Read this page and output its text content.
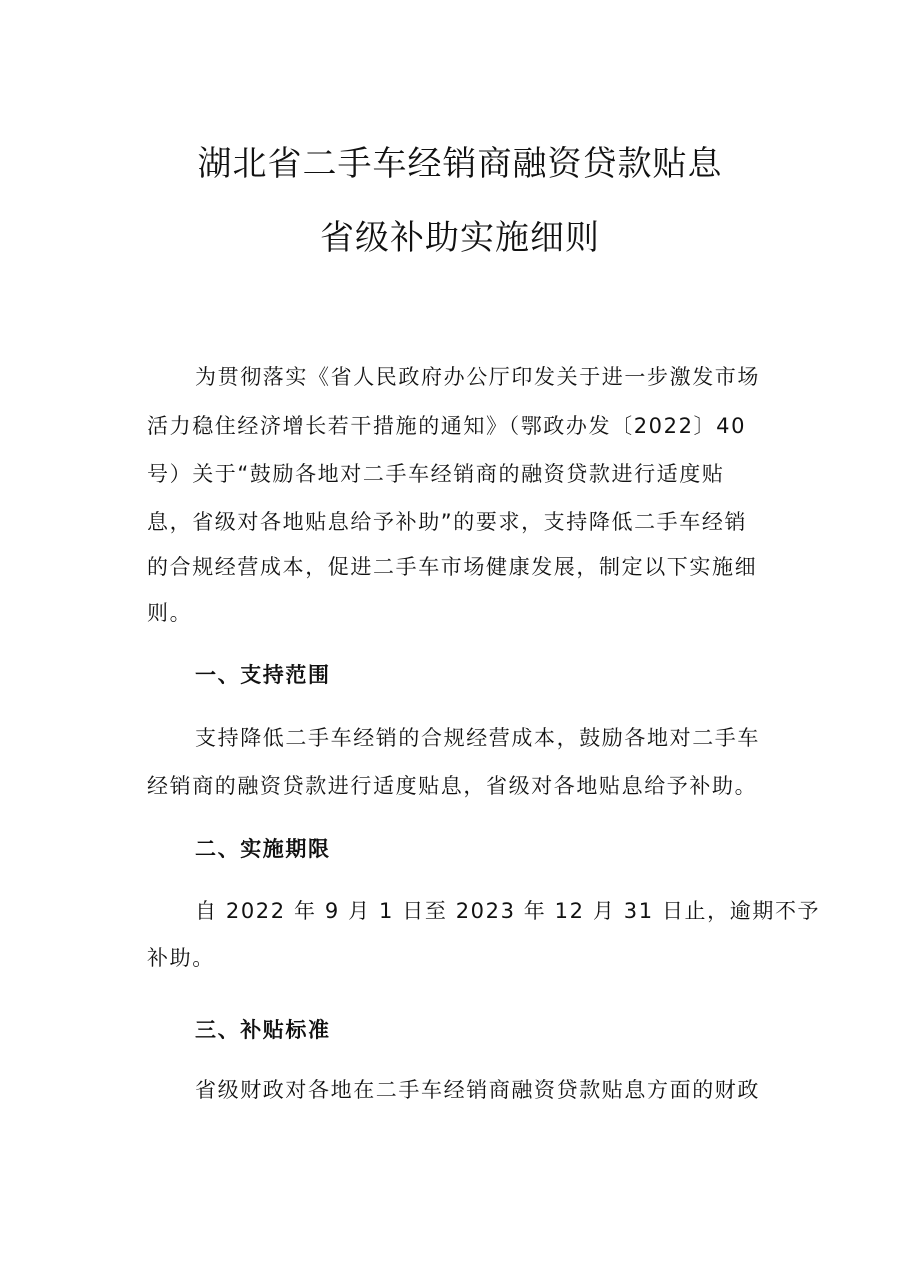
湖北省二手车经销商融资贷款贴息
省级补助实施细则

为贯彻落实《省人民政府办公厅印发关于进一步激发市场

活力稳住经济增长若干措施的通知》（鄂政办发〔2022〕40

号）关于“鼓励各地对二手车经销商的融资贷款进行适度贴

息，省级对各地贴息给予补助”的要求，支持降低二手车经销

的合规经营成本，促进二手车市场健康发展，制定以下实施细

则。

一、支持范围

支持降低二手车经销的合规经营成本，鼓励各地对二手车

经销商的融资贷款进行适度贴息，省级对各地贴息给予补助。

二、实施期限

自 2022 年 9 月 1 日至 2023 年 12 月 31 日止，逾期不予

补助。

三、补贴标准

省级财政对各地在二手车经销商融资贷款贴息方面的财政
